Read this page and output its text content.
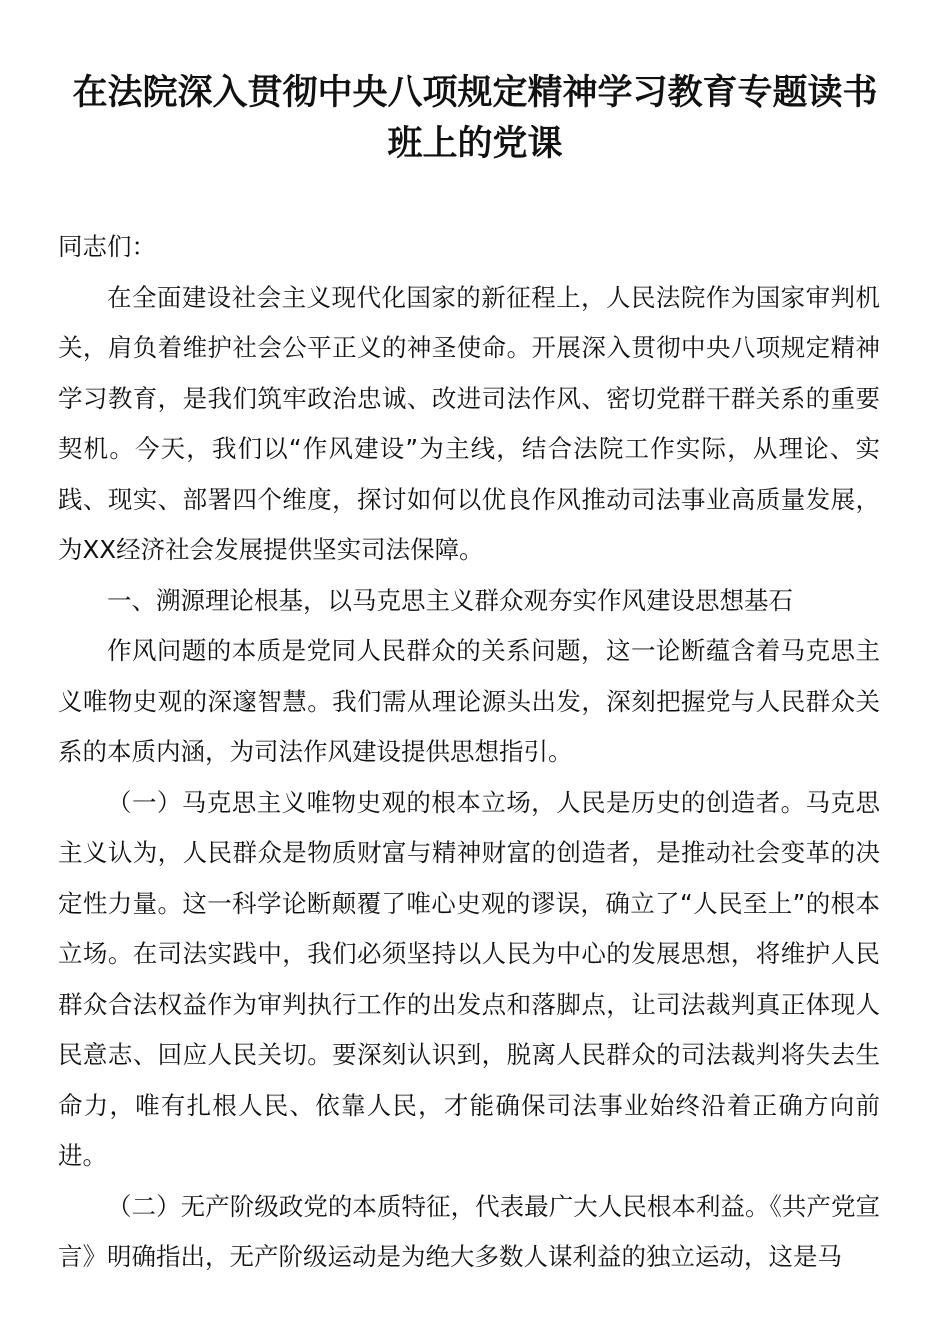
在法院深入贯彻中央八项规定精神学习教育专题读书班上的党课

同志们：

在全面建设社会主义现代化国家的新征程上，人民法院作为国家审判机关，肩负着维护社会公平正义的神圣使命。开展深入贯彻中央八项规定精神学习教育，是我们筑牢政治忠诚、改进司法作风、密切党群干群关系的重要契机。今天，我们以“作风建设”为主线，结合法院工作实际，从理论、实践、现实、部署四个维度，探讨如何以优良作风推动司法事业高质量发展，为XX经济社会发展提供坚实司法保障。

一、溯源理论根基，以马克思主义群众观夯实作风建设思想基石

作风问题的本质是党同人民群众的关系问题，这一论断蕴含着马克思主义唯物史观的深邃智慧。我们需从理论源头出发，深刻把握党与人民群众关系的本质内涵，为司法作风建设提供思想指引。

（一）马克思主义唯物史观的根本立场，人民是历史的创造者。马克思主义认为，人民群众是物质财富与精神财富的创造者，是推动社会变革的决定性力量。这一科学论断颠覆了唯心史观的谬误，确立了“人民至上”的根本立场。在司法实践中，我们必须坚持以人民为中心的发展思想，将维护人民群众合法权益作为审判执行工作的出发点和落脚点，让司法裁判真正体现人民意志、回应人民关切。要深刻认识到，脱离人民群众的司法裁判将失去生命力，唯有扎根人民、依靠人民，才能确保司法事业始终沿着正确方向前进。

（二）无产阶级政党的本质特征，代表最广大人民根本利益。《共产党宣言》明确指出，无产阶级运动是为绝大多数人谋利益的独立运动，这是马
